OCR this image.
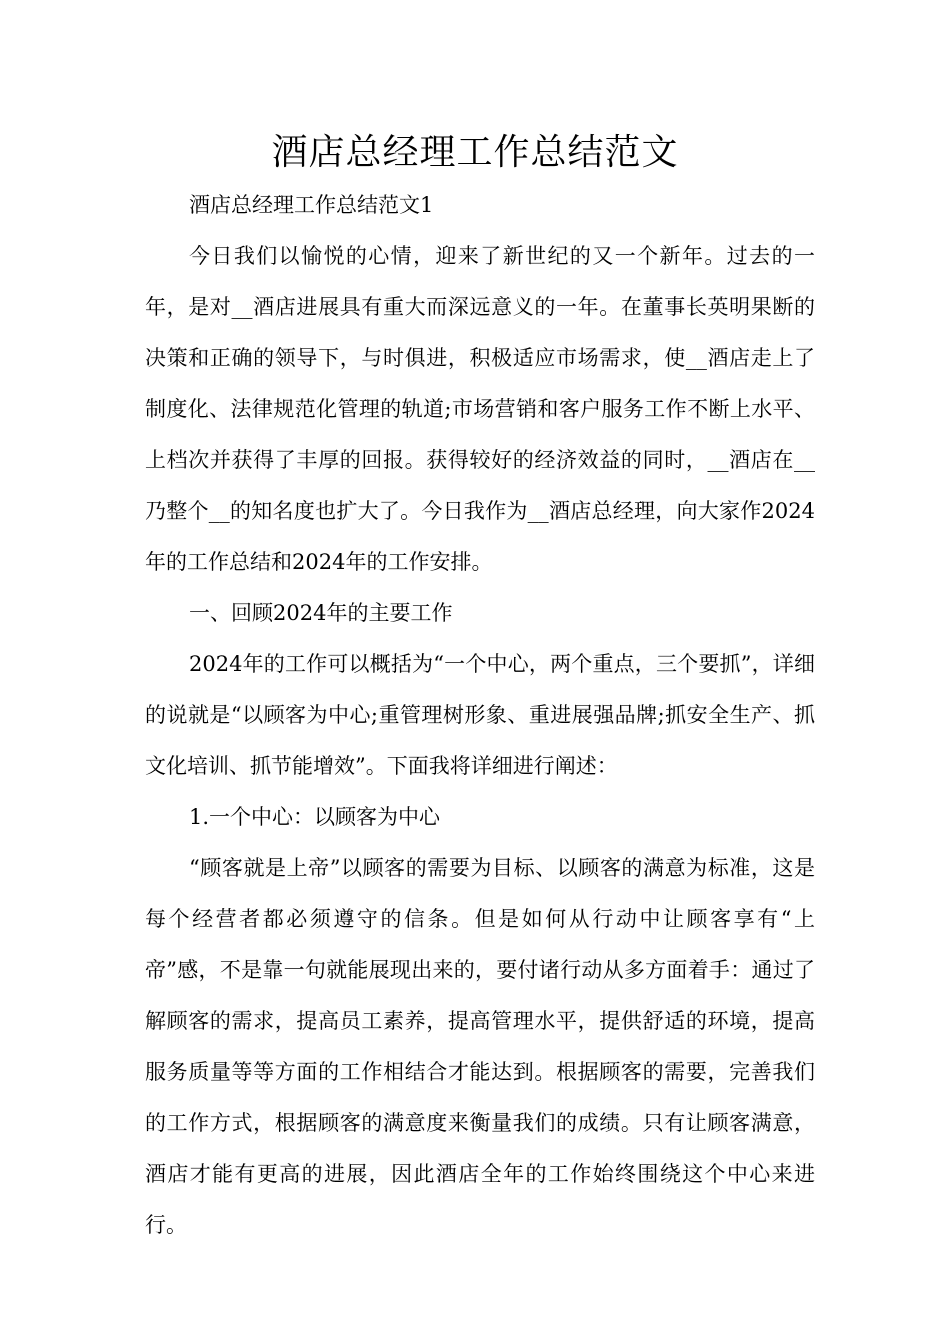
酒店总经理工作总结范文

酒店总经理工作总结范文1

今日我们以愉悦的心情，迎来了新世纪的又一个新年。过去的一年，是对__酒店进展具有重大而深远意义的一年。在董事长英明果断的决策和正确的领导下，与时俱进，积极适应市场需求，使__酒店走上了制度化、法律规范化管理的轨道;市场营销和客户服务工作不断上水平、上档次并获得了丰厚的回报。获得较好的经济效益的同时，__酒店在__乃整个__的知名度也扩大了。今日我作为__酒店总经理，向大家作2024年的工作总结和2024年的工作安排。

一、回顾2024年的主要工作

2024年的工作可以概括为“一个中心，两个重点，三个要抓”，详细的说就是“以顾客为中心;重管理树形象、重进展强品牌;抓安全生产、抓文化培训、抓节能增效”。下面我将详细进行阐述：

1.一个中心：以顾客为中心

“顾客就是上帝”以顾客的需要为目标、以顾客的满意为标准，这是每个经营者都必须遵守的信条。但是如何从行动中让顾客享有“上帝”感，不是靠一句就能展现出来的，要付诸行动从多方面着手：通过了解顾客的需求，提高员工素养，提高管理水平，提供舒适的环境，提高服务质量等等方面的工作相结合才能达到。根据顾客的需要，完善我们的工作方式，根据顾客的满意度来衡量我们的成绩。只有让顾客满意，酒店才能有更高的进展，因此酒店全年的工作始终围绕这个中心来进行。
